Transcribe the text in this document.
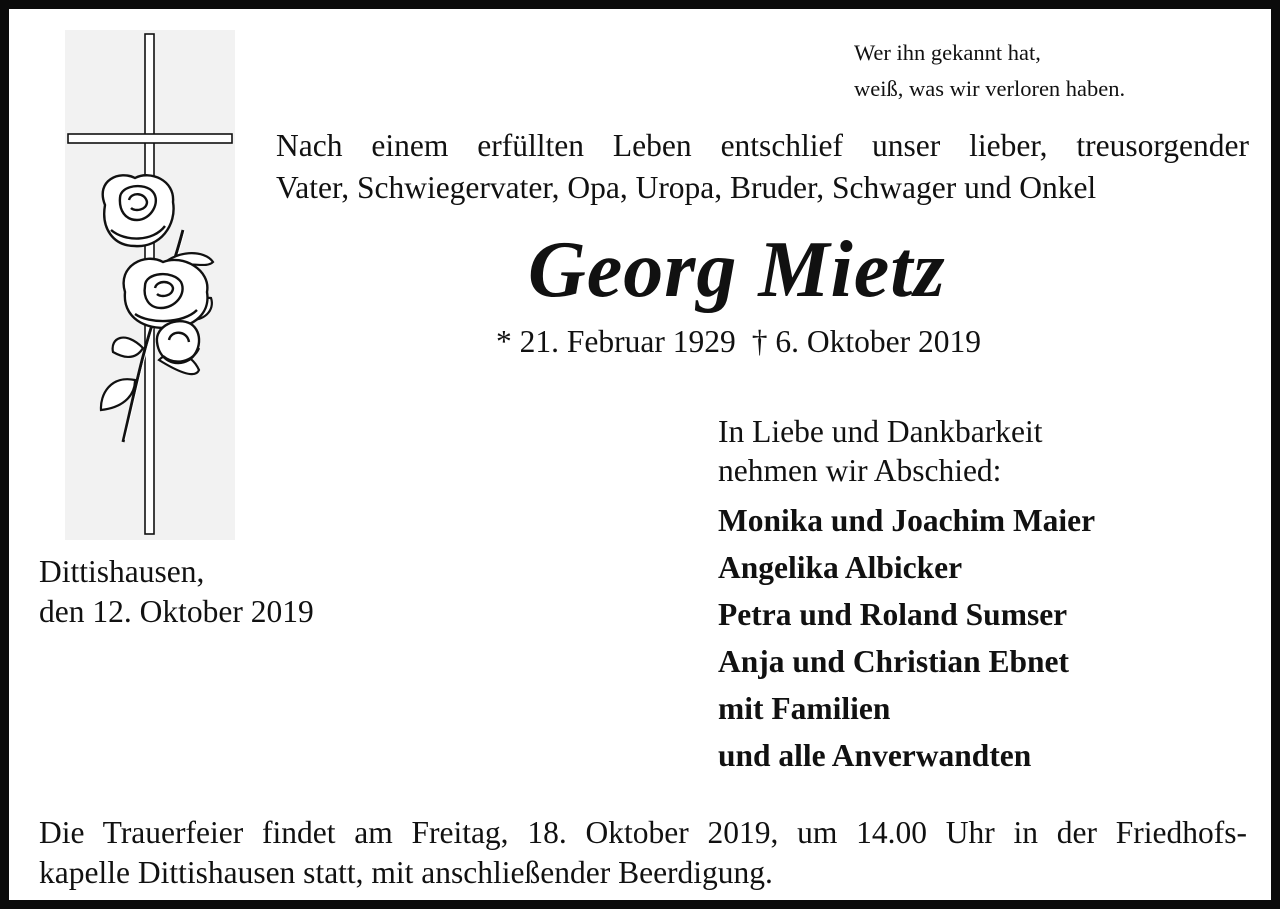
Wer ihn gekannt hat,
weiß, was wir verloren haben.
Nach einem erfüllten Leben entschlief unser lieber, treusorgender
Vater, Schwiegervater, Opa, Uropa, Bruder, Schwager und Onkel
Georg Mietz
* 21. Februar 1929 † 6. Oktober 2019
Dittishausen,
den 12. Oktober 2019
In Liebe und Dankbarkeit
nehmen wir Abschied:
Monika und Joachim Maier
Angelika Albicker
Petra und Roland Sumser
Anja und Christian Ebnet
mit Familien
und alle Anverwandten
Die Trauerfeier findet am Freitag, 18. Oktober 2019, um 14.00 Uhr in der Friedhofs-
kapelle Dittishausen statt, mit anschließender Beerdigung.
